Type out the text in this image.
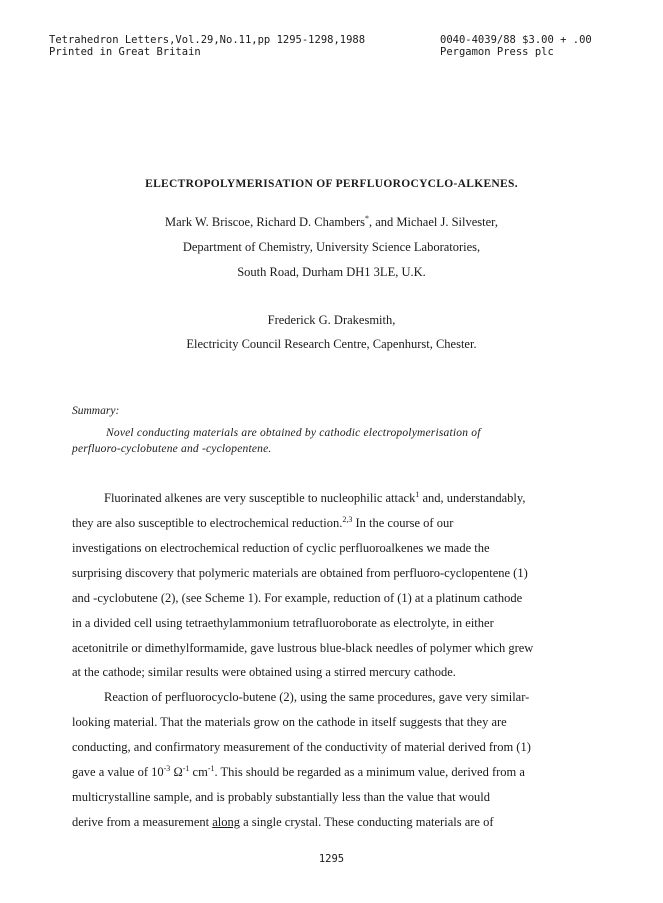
Tetrahedron Letters,Vol.29,No.11,pp 1295-1298,1988
Printed in Great Britain
0040-4039/88 $3.00 + .00
Pergamon Press plc
ELECTROPOLYMERISATION OF PERFLUOROCYCLO-ALKENES.
Mark W. Briscoe, Richard D. Chambers*, and Michael J. Silvester,
Department of Chemistry, University Science Laboratories,
South Road, Durham DH1 3LE, U.K.
Frederick G. Drakesmith,
Electricity Council Research Centre, Capenhurst, Chester.
Summary:
Novel conducting materials are obtained by cathodic electropolymerisation of
perfluoro-cyclobutene and -cyclopentene.
Fluorinated alkenes are very susceptible to nucleophilic attack$^1$ and, understandably,
they are also susceptible to electrochemical reduction.$^{2,3}$ In the course of our
investigations on electrochemical reduction of cyclic perfluoroalkenes we made the
surprising discovery that polymeric materials are obtained from perfluoro-cyclopentene (1)
and -cyclobutene (2), (see Scheme 1). For example, reduction of (1) at a platinum cathode
in a divided cell using tetraethylammonium tetrafluoroborate as electrolyte, in either
acetonitrile or dimethylformamide, gave lustrous blue-black needles of polymer which grew
at the cathode; similar results were obtained using a stirred mercury cathode.
Reaction of perfluorocyclo-butene (2), using the same procedures, gave very similar-
looking material. That the materials grow on the cathode in itself suggests that they are
conducting, and confirmatory measurement of the conductivity of material derived from (1)
gave a value of $10^{-3}$ $\Omega^{-1}$ $cm^{-1}$. This should be regarded as a minimum value, derived from a
multicrystalline sample, and is probably substantially less than the value that would
derive from a measurement along a single crystal. These conducting materials are of
1295
